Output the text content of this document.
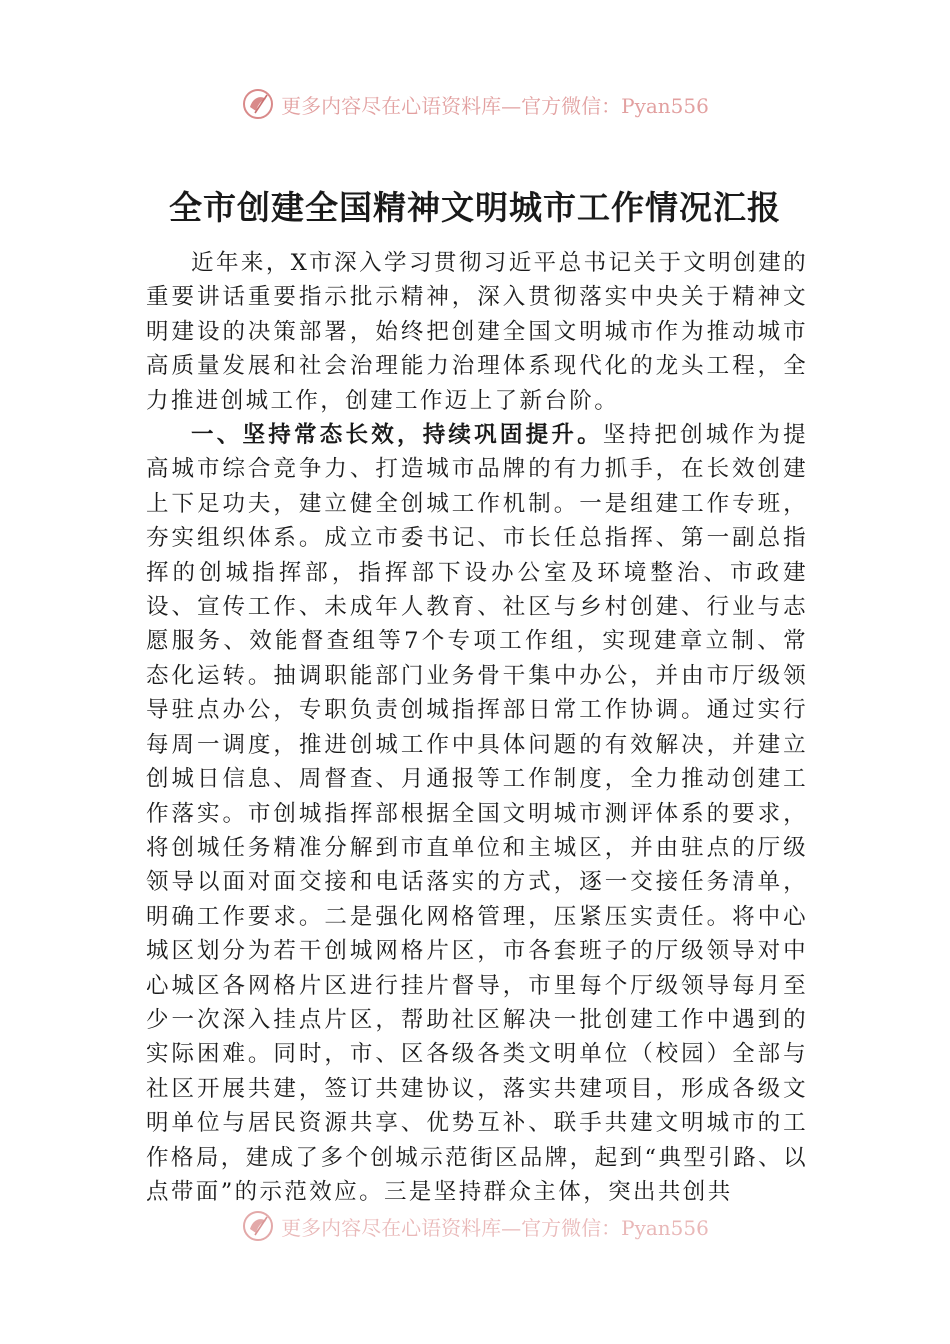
更多内容尽在心语资料库—官方微信：Pyan556
全市创建全国精神文明城市工作情况汇报

近年来，X市深入学习贯彻习近平总书记关于文明创建的重要讲话重要指示批示精神，深入贯彻落实中央关于精神文明建设的决策部署，始终把创建全国文明城市作为推动城市高质量发展和社会治理能力治理体系现代化的龙头工程，全力推进创城工作，创建工作迈上了新台阶。

一、坚持常态长效，持续巩固提升。坚持把创城作为提高城市综合竞争力、打造城市品牌的有力抓手，在长效创建上下足功夫，建立健全创城工作机制。一是组建工作专班，夯实组织体系。成立市委书记、市长任总指挥、第一副总指挥的创城指挥部，指挥部下设办公室及环境整治、市政建设、宣传工作、未成年人教育、社区与乡村创建、行业与志愿服务、效能督查组等7个专项工作组，实现建章立制、常态化运转。抽调职能部门业务骨干集中办公，并由市厅级领导驻点办公，专职负责创城指挥部日常工作协调。通过实行每周一调度，推进创城工作中具体问题的有效解决，并建立创城日信息、周督查、月通报等工作制度，全力推动创建工作落实。市创城指挥部根据全国文明城市测评体系的要求，将创城任务精准分解到市直单位和主城区，并由驻点的厅级领导以面对面交接和电话落实的方式，逐一交接任务清单，明确工作要求。二是强化网格管理，压紧压实责任。将中心城区划分为若干创城网格片区，市各套班子的厅级领导对中心城区各网格片区进行挂片督导，市里每个厅级领导每月至少一次深入挂点片区，帮助社区解决一批创建工作中遇到的实际困难。同时，市、区各级各类文明单位（校园）全部与社区开展共建，签订共建协议，落实共建项目，形成各级文明单位与居民资源共享、优势互补、联手共建文明城市的工作格局，建成了多个创城示范街区品牌，起到“典型引路、以点带面”的示范效应。三是坚持群众主体，突出共创共

更多内容尽在心语资料库—官方微信：Pyan556
